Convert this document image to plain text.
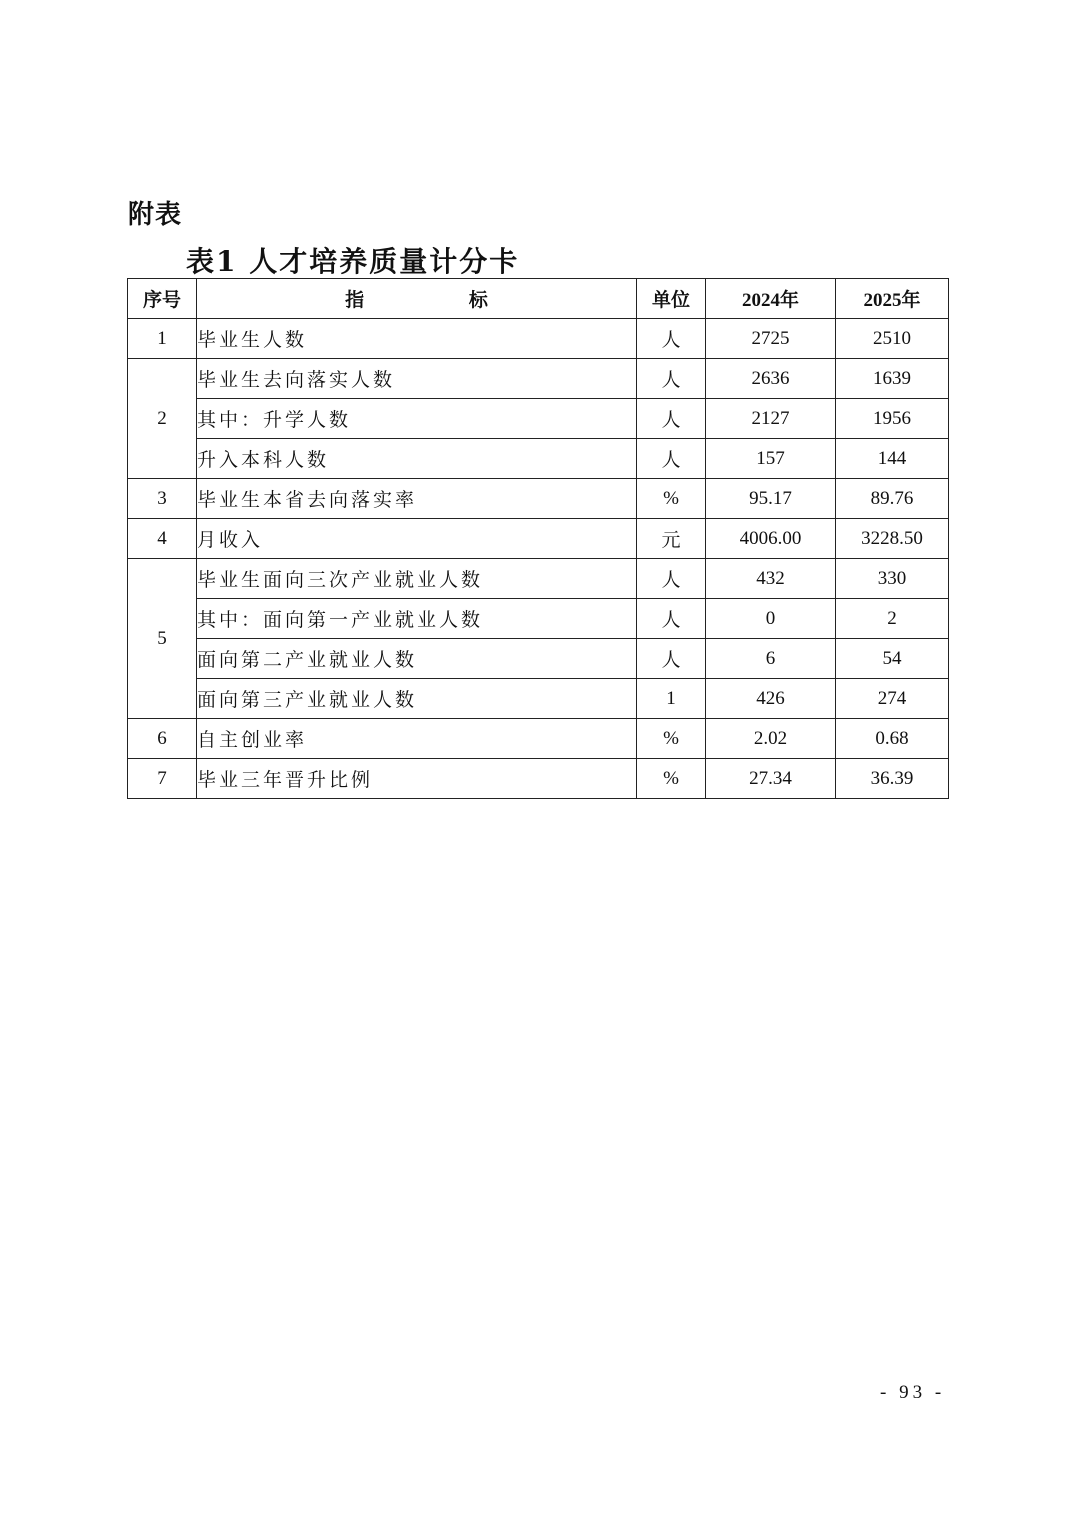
附表
表1 人才培养质量计分卡
序号	指 标	单位	2024年	2025年
1	毕业生人数	人	2725	2510
2	毕业生去向落实人数	人	2636	1639
	其中：升学人数	人	2127	1956
	升入本科人数	人	157	144
3	毕业生本省去向落实率	%	95.17	89.76
4	月收入	元	4006.00	3228.50
5	毕业生面向三次产业就业人数	人	432	330
	其中：面向第一产业就业人数	人	0	2
	面向第二产业就业人数	人	6	54
	面向第三产业就业人数	1	426	274
6	自主创业率	%	2.02	0.68
7	毕业三年晋升比例	%	27.34	36.39
- 93 -
